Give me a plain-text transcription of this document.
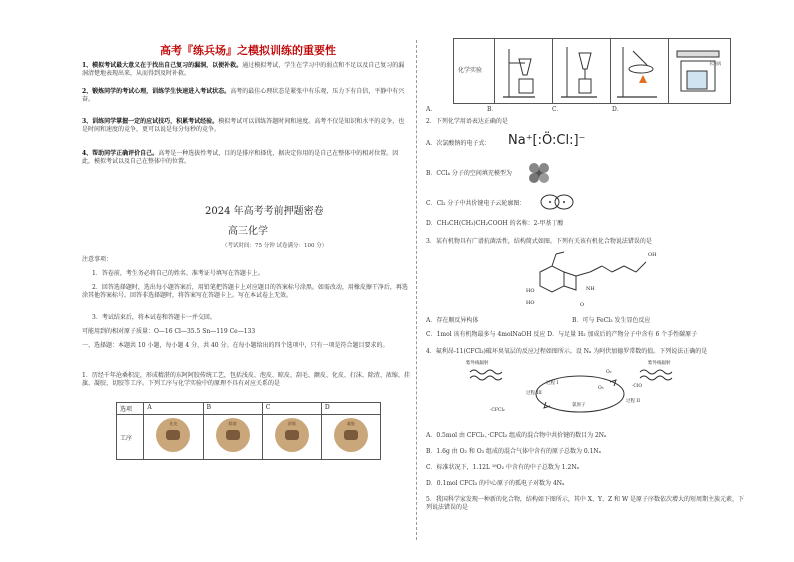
高考『练兵场』之模拟训练的重要性
1、模拟考试最大意义在于找出自己复习的漏洞，以便补救。通过模拟考试，学生在学习中的弱点和不足以及自己复习的漏洞清楚地表现出来，从而得到及时补救。
2、锻炼同学的考试心理，训练学生快速进入考试状态。高考的最佳心理状态是紧张中有乐观，压力下有自信，平静中有兴奋。
3、训练同学掌握一定的应试技巧，积累考试经验。模拟考试可以训练答题时间和速度。高考不仅是知识和水平的竞争，也是时间和速度的竞争，更可以说是每分每秒的竞争。
4、帮助同学正确评价自己。高考是一种选拔性考试，目的是排序和择优，据决定你用的是自己在整体中的相对位置。因此，模拟考试以及自己在整体中的位置。
2024 年高考考前押题密卷
高三化学
（考试时间：75 分钟 试卷满分：100 分）
注意事项：
1．答卷前，考生务必将自己的姓名、准考证号填写在答题卡上。
2．回答选择题时，选出每小题答案后，用铅笔把答题卡上对应题目的答案标号涂黑。如需改动，用橡皮擦干净后，再选涂其他答案标号。回答非选择题时，将答案写在答题卡上。写在本试卷上无效。
3．考试结束后，将本试卷和答题卡一并交回。
可能用到的相对原子质量：O—16 Cl—35.5 Sn—119 Ce—133
一、选择题：本题共 10 小题，每小题 4 分，共 40 分。在每小题给出的四个选项中，只有一项是符合题目要求的。
1．历经千年沧桑积淀，形成精湛的东阿阿胶传统工艺，包括浅皮、泡皮、晾皮、刮毛、颤皮、化皮、打沫、除渣、浓缩、挂旗、凝胶、切胶等工序。下列工序与化学实验中的原理不具有对应关系的是
选项	A	B	C	D
工序	化皮	除渣	浓缩	凝胶
化学实验
水浴锅
A．	B．	C．	D．
2．下列化学用语表达正确的是
A．次氯酸钠的电子式：	Na⁺[:Ö:Cl:]⁻
B．CCl₄ 分子的空间填充模型为
C．Cl₂ 分子中共价键电子云轮廓图：
D．CH₃CH(CH₃)CH₂COOH 的名称：2-甲基丁酸
3．某有机物具有广谱抗菌活性，结构简式如图。下列有关该有机化合物说法错误的是
OH
HO
HO
NH
O
A．存在顺反异构体	B．可与 FeCl₃ 发生显色反应
C．1mol 该有机物最多与 4molNaOH 反应 D．与足量 H₂ 加成后的产物分子中含有 6 个手性碳原子
4．氟利昂-11(CFCl₃)破坏臭氧层的反应过程如图所示。设 Nₐ 为阿伏加德罗常数的值。下列说法正确的是
紫外线辐射	紫外线辐射
过程 I
过程 II
过程 III
氯原子
·CFCl₂
·ClO
O₂
O₃
A．0.5mol 由 CFCl₃、·CFCl₂ 组成的混合物中共价键的数目为 2Nₐ
B．1.6g 由 O₂ 和 O₃ 组成的混合气体中含有的原子总数为 0.1Nₐ
C．标准状况下，1.12L ¹⁸O₂ 中含有的中子总数为 1.2Nₐ
D．0.1mol CFCl₃ 的中心原子的孤电子对数为 4Nₐ
5．我国科学家发现一种新的化合物，结构如下图所示，其中 X、Y、Z 和 W 是原子序数依次增大的短周期主族元素，下列说法错误的是
